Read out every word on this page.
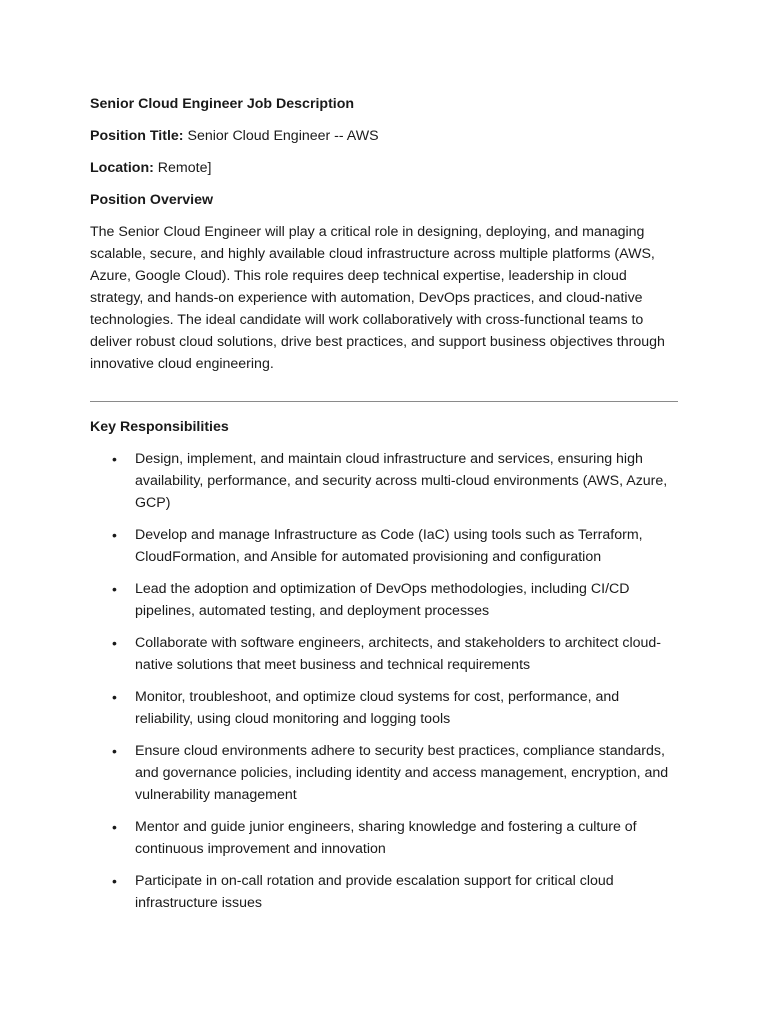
Senior Cloud Engineer Job Description
Position Title: Senior Cloud Engineer -- AWS
Location: Remote]
Position Overview
The Senior Cloud Engineer will play a critical role in designing, deploying, and managing scalable, secure, and highly available cloud infrastructure across multiple platforms (AWS, Azure, Google Cloud). This role requires deep technical expertise, leadership in cloud strategy, and hands-on experience with automation, DevOps practices, and cloud-native technologies. The ideal candidate will work collaboratively with cross-functional teams to deliver robust cloud solutions, drive best practices, and support business objectives through innovative cloud engineering.
Key Responsibilities
• Design, implement, and maintain cloud infrastructure and services, ensuring high availability, performance, and security across multi-cloud environments (AWS, Azure, GCP)
• Develop and manage Infrastructure as Code (IaC) using tools such as Terraform, CloudFormation, and Ansible for automated provisioning and configuration
• Lead the adoption and optimization of DevOps methodologies, including CI/CD pipelines, automated testing, and deployment processes
• Collaborate with software engineers, architects, and stakeholders to architect cloud-native solutions that meet business and technical requirements
• Monitor, troubleshoot, and optimize cloud systems for cost, performance, and reliability, using cloud monitoring and logging tools
• Ensure cloud environments adhere to security best practices, compliance standards, and governance policies, including identity and access management, encryption, and vulnerability management
• Mentor and guide junior engineers, sharing knowledge and fostering a culture of continuous improvement and innovation
• Participate in on-call rotation and provide escalation support for critical cloud infrastructure issues
